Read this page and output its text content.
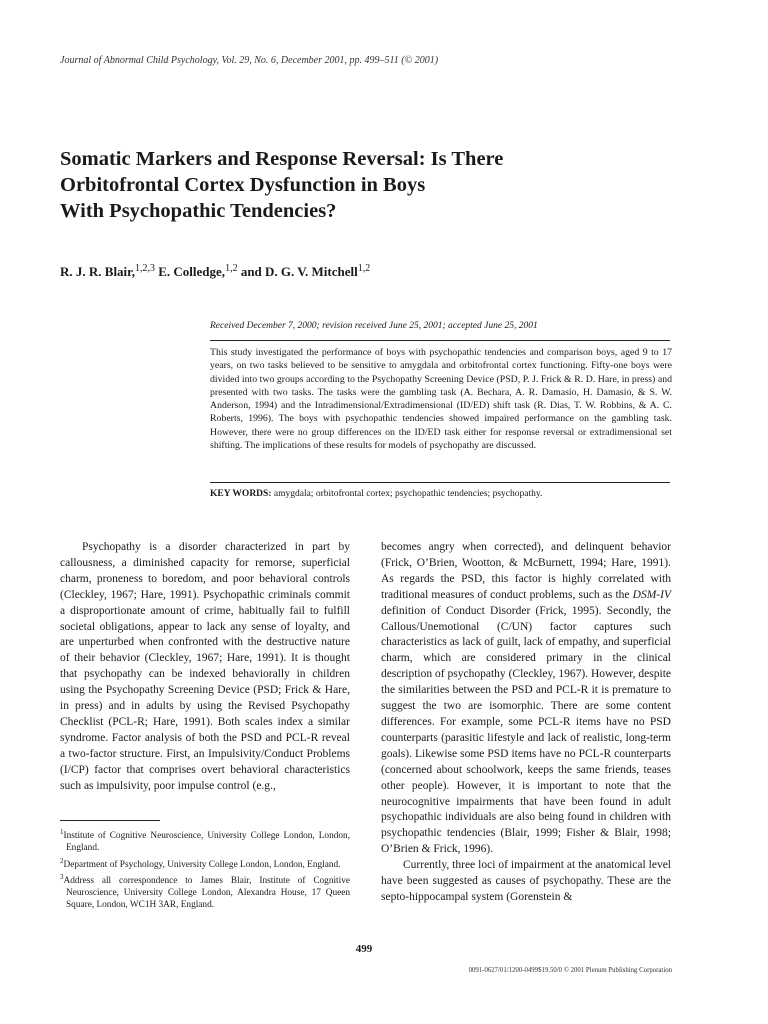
Journal of Abnormal Child Psychology, Vol. 29, No. 6, December 2001, pp. 499–511 (© 2001)
Somatic Markers and Response Reversal: Is There
Orbitofrontal Cortex Dysfunction in Boys
With Psychopathic Tendencies?
R. J. R. Blair,$^{1,2,3}$ E. Colledge,$^{1,2}$ and D. G. V. Mitchell$^{1,2}$
Received December 7, 2000; revision received June 25, 2001; accepted June 25, 2001
This study investigated the performance of boys with psychopathic tendencies and comparison boys, aged 9 to 17 years, on two tasks believed to be sensitive to amygdala and orbitofrontal cortex functioning. Fifty-one boys were divided into two groups according to the Psychopathy Screening Device (PSD, P. J. Frick & R. D. Hare, in press) and presented with two tasks. The tasks were the gambling task (A. Bechara, A. R. Damasio, H. Damasio, & S. W. Anderson, 1994) and the Intradimensional/Extradimensional (ID/ED) shift task (R. Dias, T. W. Robbins, & A. C. Roberts, 1996). The boys with psychopathic tendencies showed impaired performance on the gambling task. However, there were no group differences on the ID/ED task either for response reversal or extradimensional set shifting. The implications of these results for models of psychopathy are discussed.
KEY WORDS: amygdala; orbitofrontal cortex; psychopathic tendencies; psychopathy.

Psychopathy is a disorder characterized in part by callousness, a diminished capacity for remorse, superficial charm, proneness to boredom, and poor behavioral controls (Cleckley, 1967; Hare, 1991). Psychopathic criminals commit a disproportionate amount of crime, habitually fail to fulfill societal obligations, appear to lack any sense of loyalty, and are unperturbed when confronted with the destructive nature of their behavior (Cleckley, 1967; Hare, 1991). It is thought that psychopathy can be indexed behaviorally in children using the Psychopathy Screening Device (PSD; Frick & Hare, in press) and in adults by using the Revised Psychopathy Checklist (PCL-R; Hare, 1991). Both scales index a similar syndrome. Factor analysis of both the PSD and PCL-R reveal a two-factor structure. First, an Impulsivity/Conduct Problems (I/CP) factor that comprises overt behavioral characteristics such as impulsivity, poor impulse control (e.g.,

becomes angry when corrected), and delinquent behavior (Frick, O’Brien, Wootton, & McBurnett, 1994; Hare, 1991). As regards the PSD, this factor is highly correlated with traditional measures of conduct problems, such as the DSM-IV definition of Conduct Disorder (Frick, 1995). Secondly, the Callous/Unemotional (C/UN) factor captures such characteristics as lack of guilt, lack of empathy, and superficial charm, which are considered primary in the clinical description of psychopathy (Cleckley, 1967). However, despite the similarities between the PSD and PCL-R it is premature to suggest the two are isomorphic. There are some content differences. For example, some PCL-R items have no PSD counterparts (parasitic lifestyle and lack of realistic, long-term goals). Likewise some PSD items have no PCL-R counterparts (concerned about schoolwork, keeps the same friends, teases other people). However, it is important to note that the neurocognitive impairments that have been found in adult psychopathic individuals are also being found in children with psychopathic tendencies (Blair, 1999; Fisher & Blair, 1998; O’Brien & Frick, 1996).

Currently, three loci of impairment at the anatomical level have been suggested as causes of psychopathy. These are the septo-hippocampal system (Gorenstein &

$^1$Institute of Cognitive Neuroscience, University College London, London, England.
$^2$Department of Psychology, University College London, London, England.
$^3$Address all correspondence to James Blair, Institute of Cognitive Neuroscience, University College London, Alexandra House, 17 Queen Square, London, WC1H 3AR, England.
499
0091-0627/01/1200-0499$19.50/0 © 2001 Plenum Publishing Corporation
